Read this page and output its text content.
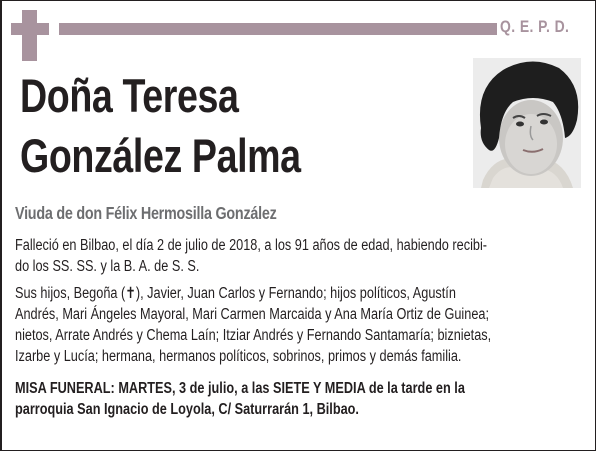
Q. E. P. D.
Doña Teresa
González Palma
Viuda de don Félix Hermosilla González
Falleció en Bilbao, el día 2 de julio de 2018, a los 91 años de edad, habiendo recibi-
do los SS. SS. y la B. A. de S. S.
Sus hijos, Begoña (✝), Javier, Juan Carlos y Fernando; hijos políticos, Agustín
Andrés, Mari Ángeles Mayoral, Mari Carmen Marcaida y Ana María Ortiz de Guinea;
nietos, Arrate Andrés y Chema Laín; Itziar Andrés y Fernando Santamaría; biznietas,
Izarbe y Lucía; hermana, hermanos políticos, sobrinos, primos y demás familia.
MISA FUNERAL: MARTES, 3 de julio, a las SIETE Y MEDIA de la tarde en la
parroquia San Ignacio de Loyola, C/ Saturrarán 1, Bilbao.
